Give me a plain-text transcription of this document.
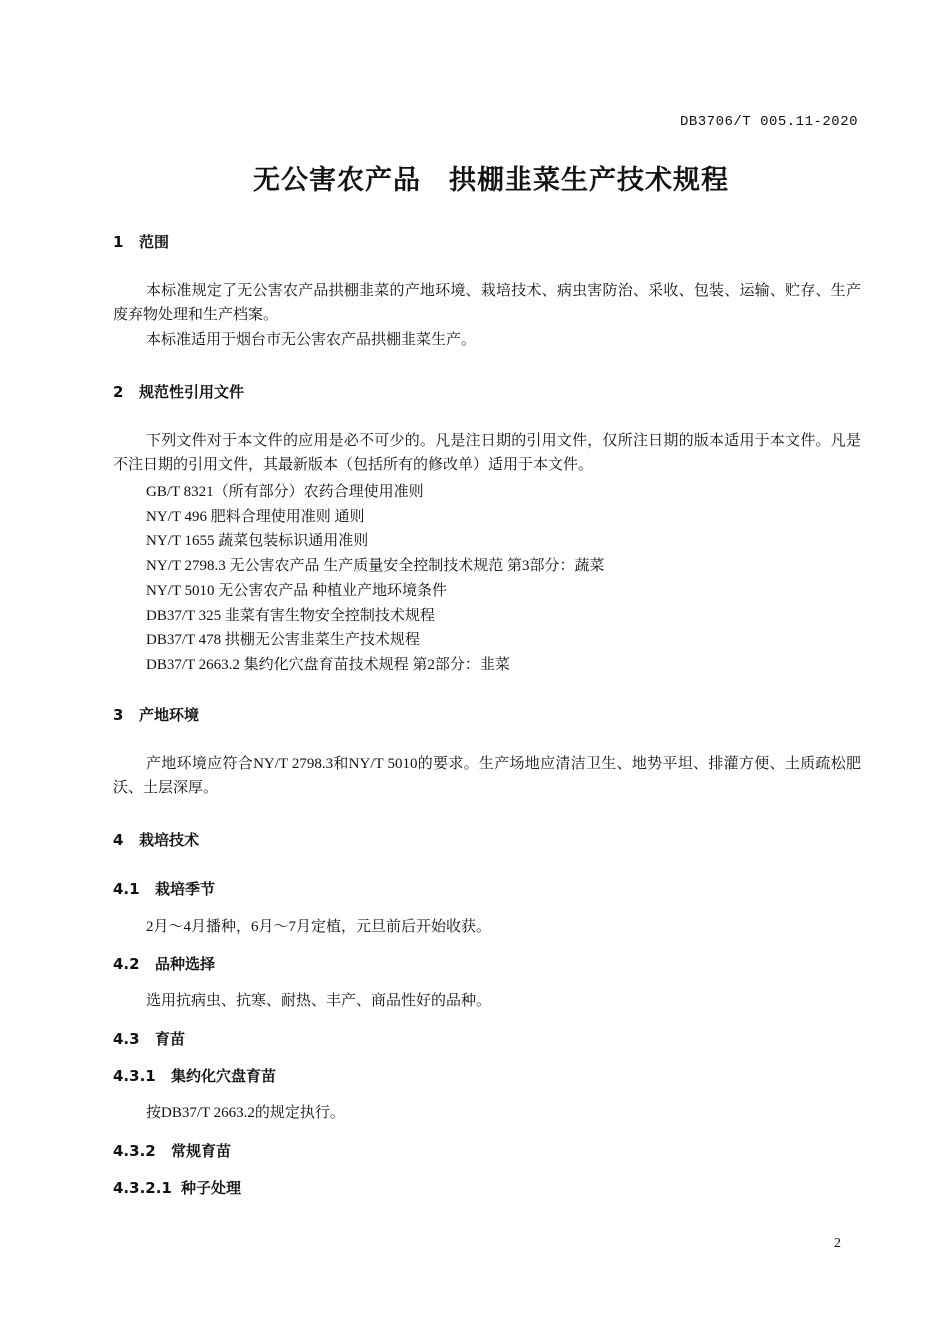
DB3706/T 005.11-2020
无公害农产品 拱棚韭菜生产技术规程
1 范围
本标准规定了无公害农产品拱棚韭菜的产地环境、栽培技术、病虫害防治、采收、包装、运输、贮存、生产废弃物处理和生产档案。
本标准适用于烟台市无公害农产品拱棚韭菜生产。
2 规范性引用文件
下列文件对于本文件的应用是必不可少的。凡是注日期的引用文件，仅所注日期的版本适用于本文件。凡是不注日期的引用文件，其最新版本（包括所有的修改单）适用于本文件。
GB/T 8321（所有部分）农药合理使用准则
NY/T 496 肥料合理使用准则 通则
NY/T 1655 蔬菜包装标识通用准则
NY/T 2798.3 无公害农产品 生产质量安全控制技术规范 第3部分：蔬菜
NY/T 5010 无公害农产品 种植业产地环境条件
DB37/T 325 韭菜有害生物安全控制技术规程
DB37/T 478 拱棚无公害韭菜生产技术规程
DB37/T 2663.2 集约化穴盘育苗技术规程 第2部分：韭菜
3 产地环境
产地环境应符合NY/T 2798.3和NY/T 5010的要求。生产场地应清洁卫生、地势平坦、排灌方便、土质疏松肥沃、土层深厚。
4 栽培技术
4.1 栽培季节
2月～4月播种，6月～7月定植，元旦前后开始收获。
4.2 品种选择
选用抗病虫、抗寒、耐热、丰产、商品性好的品种。
4.3 育苗
4.3.1 集约化穴盘育苗
按DB37/T 2663.2的规定执行。
4.3.2 常规育苗
4.3.2.1 种子处理
2
